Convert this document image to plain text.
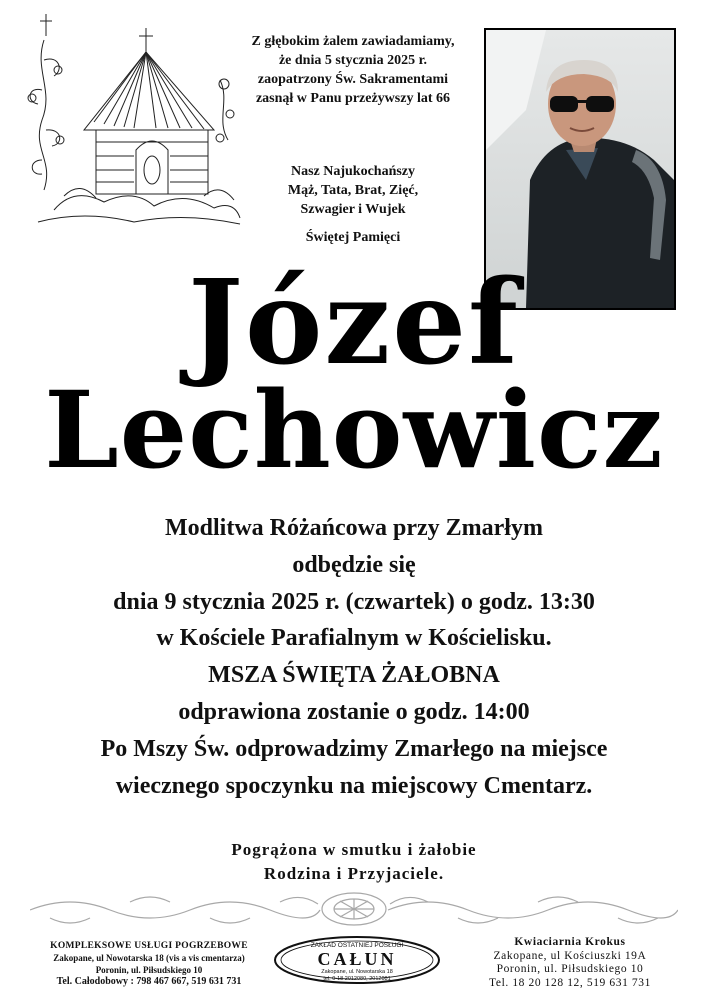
Z głębokim żalem zawiadamiamy,
że dnia 5 stycznia 2025 r.
zaopatrzony Św. Sakramentami
zasnął w Panu przeżywszy lat 66
Nasz Najukochańszy
Mąż, Tata, Brat, Zięć,
Szwagier i Wujek
Świętej Pamięci
Józef
Lechowicz
Modlitwa Różańcowa przy Zmarłym
odbędzie się
dnia 9 stycznia 2025 r. (czwartek) o godz. 13:30
w Kościele Parafialnym w Kościelisku.
MSZA ŚWIĘTA ŻAŁOBNA
odprawiona zostanie o godz. 14:00
Po Mszy Św. odprowadzimy Zmarłego na miejsce
wiecznego spoczynku na miejscowy Cmentarz.
Pogrążona w smutku i żałobie
Rodzina i Przyjaciele.
KOMPLEKSOWE USŁUGI POGRZEBOWE
Zakopane, ul Nowotarska 18 (vis a vis cmentarza)
Poronin, ul. Piłsudskiego 10
Tel. Całodobowy : 798 467 667, 519 631 731
ZAKŁAD OSTATNIEJ POSŁUGI
CAŁUN
Zakopane, ul. Nowotarska 18
tel. 0-18 2012080, 2012081
Kwiaciarnia Krokus
Zakopane, ul Kościuszki 19A
Poronin, ul. Piłsudskiego 10
Tel. 18 20 128 12, 519 631 731
